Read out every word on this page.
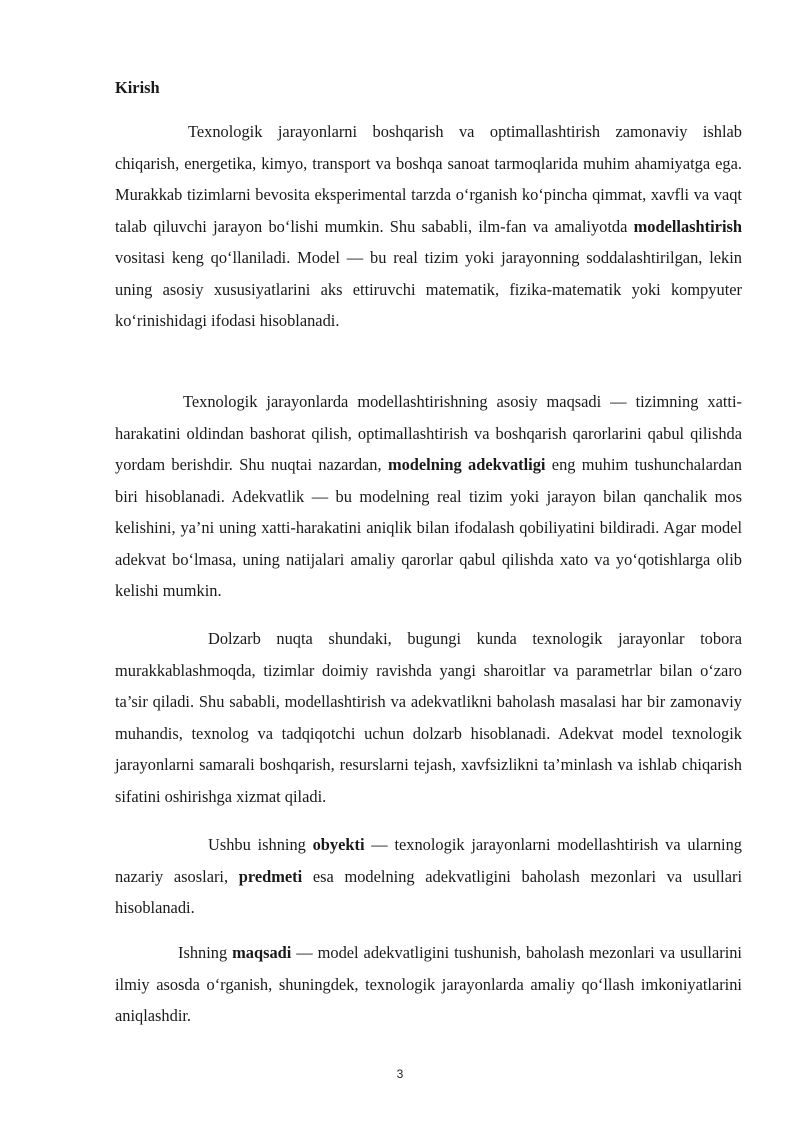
Kirish

Texnologik jarayonlarni boshqarish va optimallashtirish zamonaviy ishlab chiqarish, energetika, kimyo, transport va boshqa sanoat tarmoqlarida muhim ahamiyatga ega. Murakkab tizimlarni bevosita eksperimental tarzda o‘rganish ko‘pincha qimmat, xavfli va vaqt talab qiluvchi jarayon bo‘lishi mumkin. Shu sababli, ilm-fan va amaliyotda modellashtirish vositasi keng qo‘llaniladi. Model — bu real tizim yoki jarayonning soddalashtirilgan, lekin uning asosiy xususiyatlarini aks ettiruvchi matematik, fizika-matematik yoki kompyuter ko‘rinishidagi ifodasi hisoblanadi.

Texnologik jarayonlarda modellashtirishning asosiy maqsadi — tizimning xatti-harakatini oldindan bashorat qilish, optimallashtirish va boshqarish qarorlarini qabul qilishda yordam berishdir. Shu nuqtai nazardan, modelning adekvatligi eng muhim tushunchalardan biri hisoblanadi. Adekvatlik — bu modelning real tizim yoki jarayon bilan qanchalik mos kelishini, ya’ni uning xatti-harakatini aniqlik bilan ifodalash qobiliyatini bildiradi. Agar model adekvat bo‘lmasa, uning natijalari amaliy qarorlar qabul qilishda xato va yo‘qotishlarga olib kelishi mumkin.

Dolzarb nuqta shundaki, bugungi kunda texnologik jarayonlar tobora murakkablashmoqda, tizimlar doimiy ravishda yangi sharoitlar va parametrlar bilan o‘zaro ta’sir qiladi. Shu sababli, modellashtirish va adekvatlikni baholash masalasi har bir zamonaviy muhandis, texnolog va tadqiqotchi uchun dolzarb hisoblanadi. Adekvat model texnologik jarayonlarni samarali boshqarish, resurslarni tejash, xavfsizlikni ta’minlash va ishlab chiqarish sifatini oshirishga xizmat qiladi.

Ushbu ishning obyekti — texnologik jarayonlarni modellashtirish va ularning nazariy asoslari, predmeti esa modelning adekvatligini baholash mezonlari va usullari hisoblanadi.

Ishning maqsadi — model adekvatligini tushunish, baholash mezonlari va usullarini ilmiy asosda o‘rganish, shuningdek, texnologik jarayonlarda amaliy qo‘llash imkoniyatlarini aniqlashdir.

3
